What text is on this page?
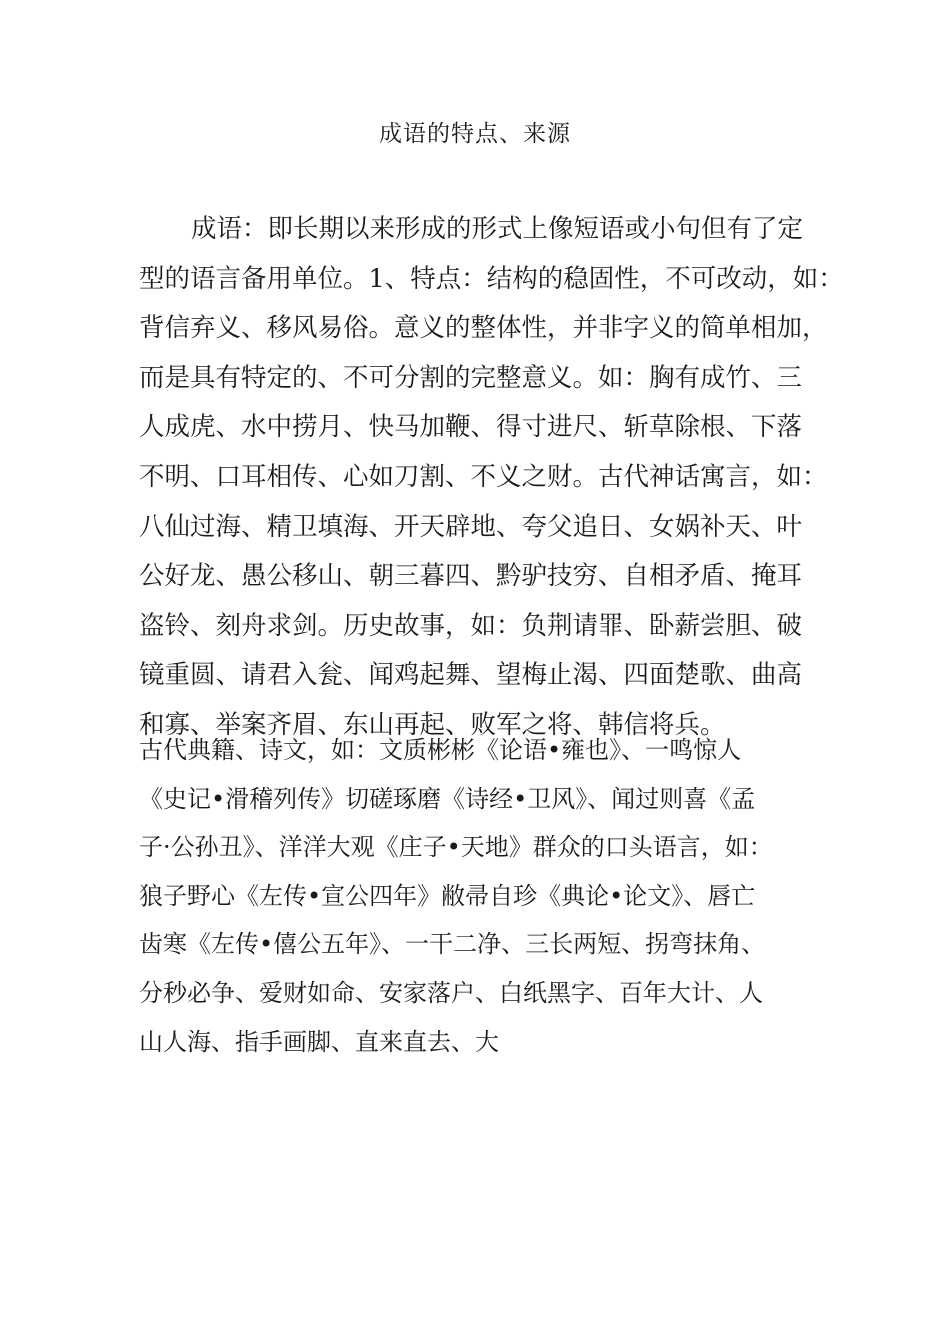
成语的特点、来源
成语：即长期以来形成的形式上像短语或小句但有了定
型的语言备用单位。1、特点：结构的稳固性，不可改动，如：
背信弃义、移风易俗。意义的整体性，并非字义的简单相加，
而是具有特定的、不可分割的完整意义。如：胸有成竹、三
人成虎、水中捞月、快马加鞭、得寸进尺、斩草除根、下落
不明、口耳相传、心如刀割、不义之财。古代神话寓言，如：
八仙过海、精卫填海、开天辟地、夸父追日、女娲补天、叶
公好龙、愚公移山、朝三暮四、黔驴技穷、自相矛盾、掩耳
盗铃、刻舟求剑。历史故事，如：负荆请罪、卧薪尝胆、破
镜重圆、请君入瓮、闻鸡起舞、望梅止渴、四面楚歌、曲高
和寡、举案齐眉、东山再起、败军之将、韩信将兵。
古代典籍、诗文，如：文质彬彬《论语•雍也》、一鸣惊人
《史记•滑稽列传》切磋琢磨《诗经•卫风》、闻过则喜《孟
子·公孙丑》、洋洋大观《庄子•天地》群众的口头语言，如：
狼子野心《左传•宣公四年》敝帚自珍《典论•论文》、唇亡
齿寒《左传•僖公五年》、一干二净、三长两短、拐弯抹角、
分秒必争、爱财如命、安家落户、白纸黑字、百年大计、人
山人海、指手画脚、直来直去、大
